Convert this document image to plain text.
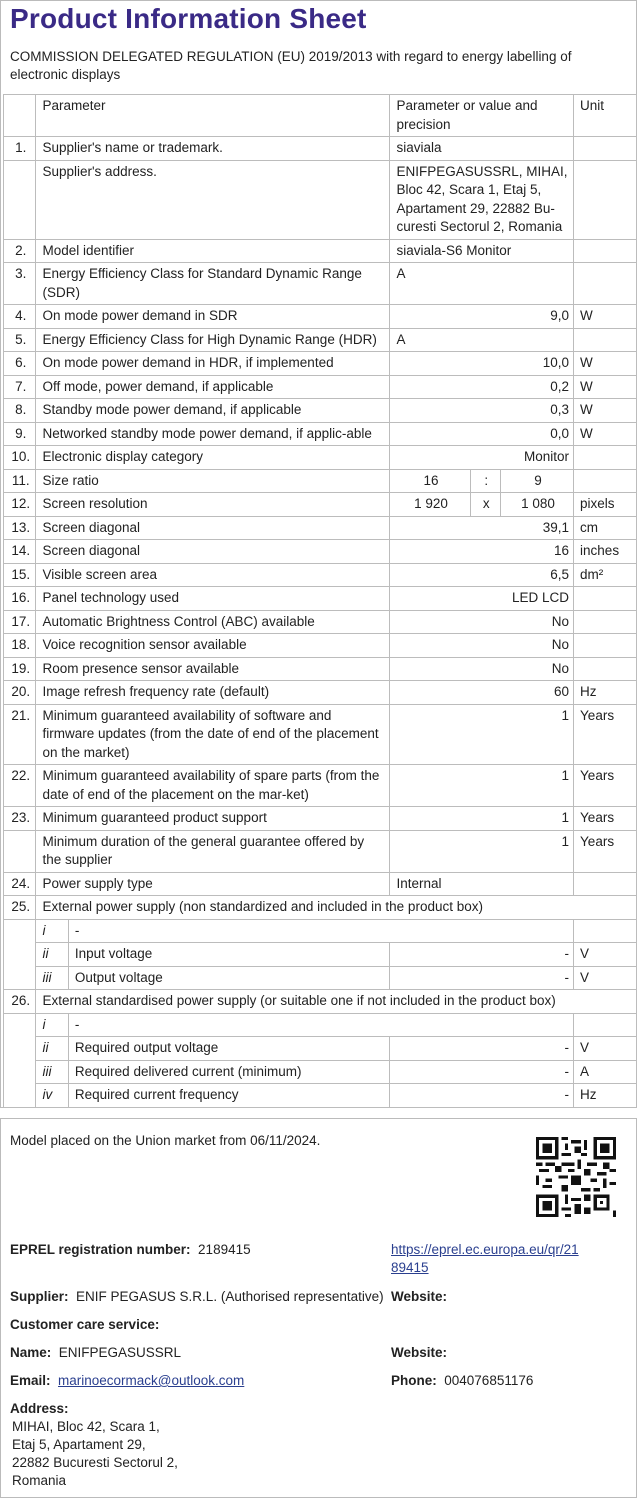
Product Information Sheet
COMMISSION DELEGATED REGULATION (EU) 2019/2013 with regard to energy labelling of electronic displays
	Parameter		Parameter or value and precision			Unit
1.	Supplier's name or trademark.		siaviala			
	Supplier's address.		ENIFPEGASUSSRL, MIHAI, Bloc 42, Scara 1, Etaj 5, Apartament 29, 22882 Bu-curesti Sectorul 2, Romania			
2.	Model identifier		siaviala-S6 Monitor			
3.	Energy Efficiency Class for Standard Dynamic Range (SDR)		A			
4.	On mode power demand in SDR		9,0			W
5.	Energy Efficiency Class for High Dynamic Range (HDR)		A			
6.	On mode power demand in HDR, if implemented		10,0			W
7.	Off mode, power demand, if applicable		0,2			W
8.	Standby mode power demand, if applicable		0,3			W
9.	Networked standby mode power demand, if applic-able		0,0			W
10.	Electronic display category		Monitor			
11.	Size ratio		16	:	9	
12.	Screen resolution		1 920	x	1 080	pixels
13.	Screen diagonal		39,1			cm
14.	Screen diagonal		16			inches
15.	Visible screen area		6,5			dm²
16.	Panel technology used		LED LCD			
17.	Automatic Brightness Control (ABC) available		No			
18.	Voice recognition sensor available		No			
19.	Room presence sensor available		No			
20.	Image refresh frequency rate (default)		60			Hz
21.	Minimum guaranteed availability of software and firmware updates (from the date of end of the placement on the market)		1			Years
22.	Minimum guaranteed availability of spare parts (from the date of end of the placement on the mar-ket)		1			Years
23.	Minimum guaranteed product support		1			Years
	Minimum duration of the general guarantee offered by the supplier		1			Years
24.	Power supply type		Internal			
25.	External power supply (non standardized and included in the product box)					
	i	-				
	ii	Input voltage	-			V
	iii	Output voltage	-			V
26.	External standardised power supply (or suitable one if not included in the product box)					
	i	-				
	ii	Required output voltage	-			V
	iii	Required delivered current (minimum)	-			A
	iv	Required current frequency	-			Hz
Model placed on the Union market from 06/11/2024.
EPREL registration number: 2189415	https://eprel.ec.europa.eu/qr/21
89415
Supplier: ENIF PEGASUS S.R.L. (Authorised representative) Website:
Customer care service:
Name: ENIFPEGASUSSRL	Website:
Email: marinoecormack@outlook.com	Phone: 004076851176
Address:
MIHAI, Bloc 42, Scara 1,
Etaj 5, Apartament 29,
22882 Bucuresti Sectorul 2,
Romania
